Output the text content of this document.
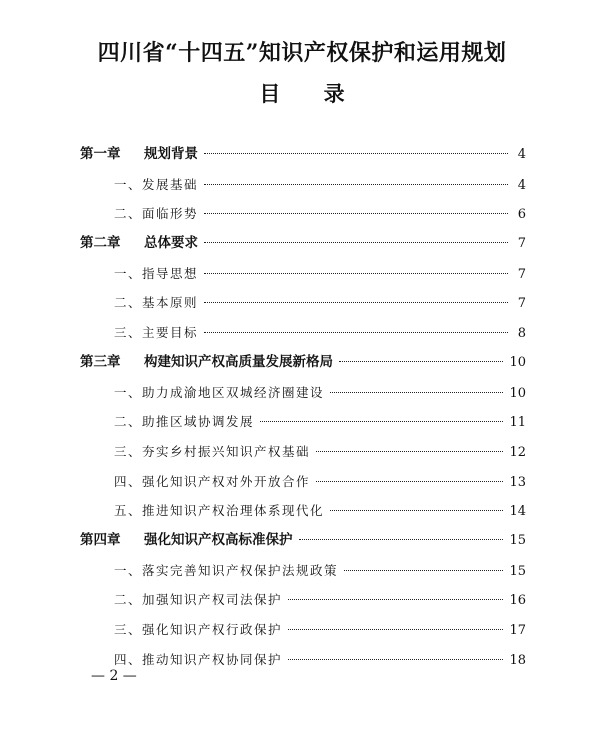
四川省“十四五”知识产权保护和运用规划
目 录
第一章 规划背景	4
一、发展基础	4
二、面临形势	6
第二章 总体要求	7
一、指导思想	7
二、基本原则	7
三、主要目标	8
第三章 构建知识产权高质量发展新格局	10
一、助力成渝地区双城经济圈建设	10
二、助推区域协调发展	11
三、夯实乡村振兴知识产权基础	12
四、强化知识产权对外开放合作	13
五、推进知识产权治理体系现代化	14
第四章 强化知识产权高标准保护	15
一、落实完善知识产权保护法规政策	15
二、加强知识产权司法保护	16
三、强化知识产权行政保护	17
四、推动知识产权协同保护	18
— 2 —
